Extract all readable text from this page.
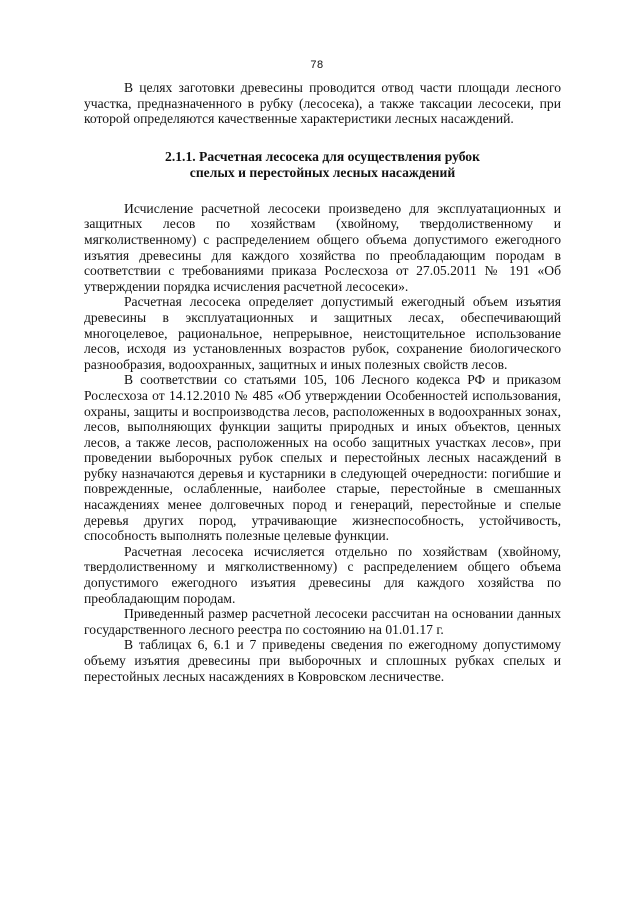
78

В целях заготовки древесины проводится отвод части площади лесного участка, предназначенного в рубку (лесосека), а также таксации лесосеки, при которой определяются качественные характеристики лесных насаждений.

2.1.1. Расчетная лесосека для осуществления рубок
спелых и перестойных лесных насаждений

Исчисление расчетной лесосеки произведено для эксплуатационных и защитных лесов по хозяйствам (хвойному, твердолиственному и мягколиственному) с распределением общего объема допустимого ежегодного изъятия древесины для каждого хозяйства по преобладающим породам в соответствии с требованиями приказа Рослесхоза от 27.05.2011 № 191 «Об утверждении порядка исчисления расчетной лесосеки».

Расчетная лесосека определяет допустимый ежегодный объем изъятия древесины в эксплуатационных и защитных лесах, обеспечивающий многоцелевое, рациональное, непрерывное, неистощительное использование лесов, исходя из установленных возрастов рубок, сохранение биологического разнообразия, водоохранных, защитных и иных полезных свойств лесов.

В соответствии со статьями 105, 106 Лесного кодекса РФ и приказом Рослесхоза от 14.12.2010 № 485 «Об утверждении Особенностей использования, охраны, защиты и воспроизводства лесов, расположенных в водоохранных зонах, лесов, выполняющих функции защиты природных и иных объектов, ценных лесов, а также лесов, расположенных на особо защитных участках лесов», при проведении выборочных рубок спелых и перестойных лесных насаждений в рубку назначаются деревья и кустарники в следующей очередности: погибшие и поврежденные, ослабленные, наиболее старые, перестойные в смешанных насаждениях менее долговечных пород и генераций, перестойные и спелые деревья других пород, утрачивающие жизнеспособность, устойчивость, способность выполнять полезные целевые функции.

Расчетная лесосека исчисляется отдельно по хозяйствам (хвойному, твердолиственному и мягколиственному) с распределением общего объема допустимого ежегодного изъятия древесины для каждого хозяйства по преобладающим породам.

Приведенный размер расчетной лесосеки рассчитан на основании данных государственного лесного реестра по состоянию на 01.01.17 г.

В таблицах 6, 6.1 и 7 приведены сведения по ежегодному допустимому объему изъятия древесины при выборочных и сплошных рубках спелых и перестойных лесных насаждениях в Ковровском лесничестве.
